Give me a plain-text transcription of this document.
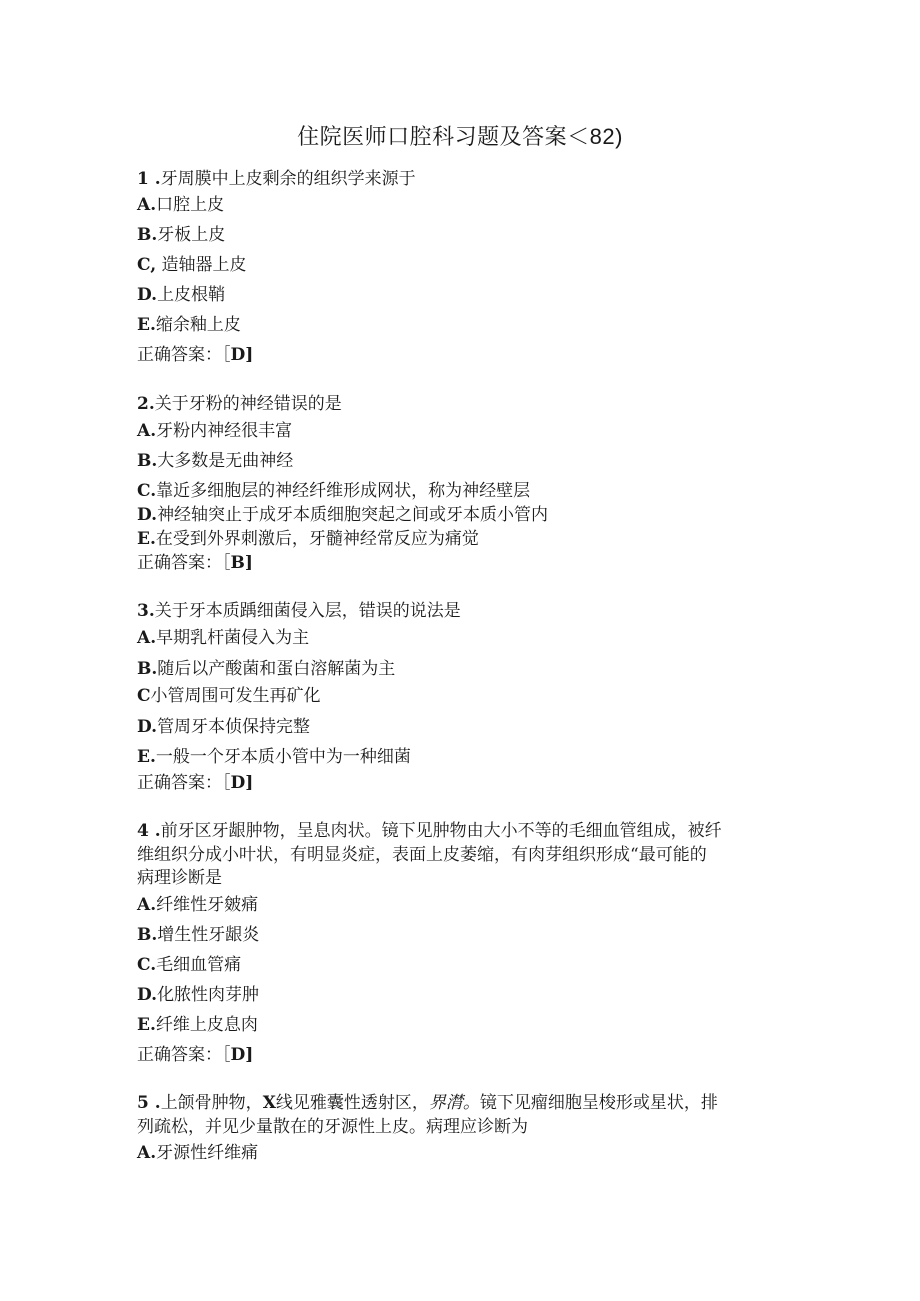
住院医师口腔科习题及答案＜82)
1 .牙周膜中上皮剩余的组织学来源于
A.口腔上皮
B.牙板上皮
C, 造轴器上皮
D.上皮根鞘
E.缩余釉上皮
正确答案：［D]
2.关于牙粉的神经错误的是
A.牙粉内神经很丰富
B.大多数是无曲神经
C.靠近多细胞层的神经纤维形成网状，称为神经壁层
D.神经轴突止于成牙本质细胞突起之间或牙本质小管内
E.在受到外界刺激后，牙髓神经常反应为痛觉
正确答案：［B]
3.关于牙本质踽细菌侵入层，错误的说法是
A.早期乳杆菌侵入为主
B.随后以产酸菌和蛋白溶解菌为主
C小管周围可发生再矿化
D.管周牙本侦保持完整
E.一般一个牙本质小管中为一种细菌
正确答案：［D]
4 .前牙区牙龈肿物，呈息肉状。镜下见肿物由大小不等的毛细血管组成，被纤
维组织分成小叶状，有明显炎症，表面上皮萎缩，有肉芽组织形成“最可能的
病理诊断是
A.纤维性牙皴痛
B.增生性牙龈炎
C.毛细血管痛
D.化脓性肉芽肿
E.纤维上皮息肉
正确答案：［D]
5 .上颌骨肿物，X线见雅囊性透射区，界潸。镜下见瘤细胞呈梭形或星状，排
列疏松，并见少量散在的牙源性上皮。病理应诊断为
A.牙源性纤维痛
